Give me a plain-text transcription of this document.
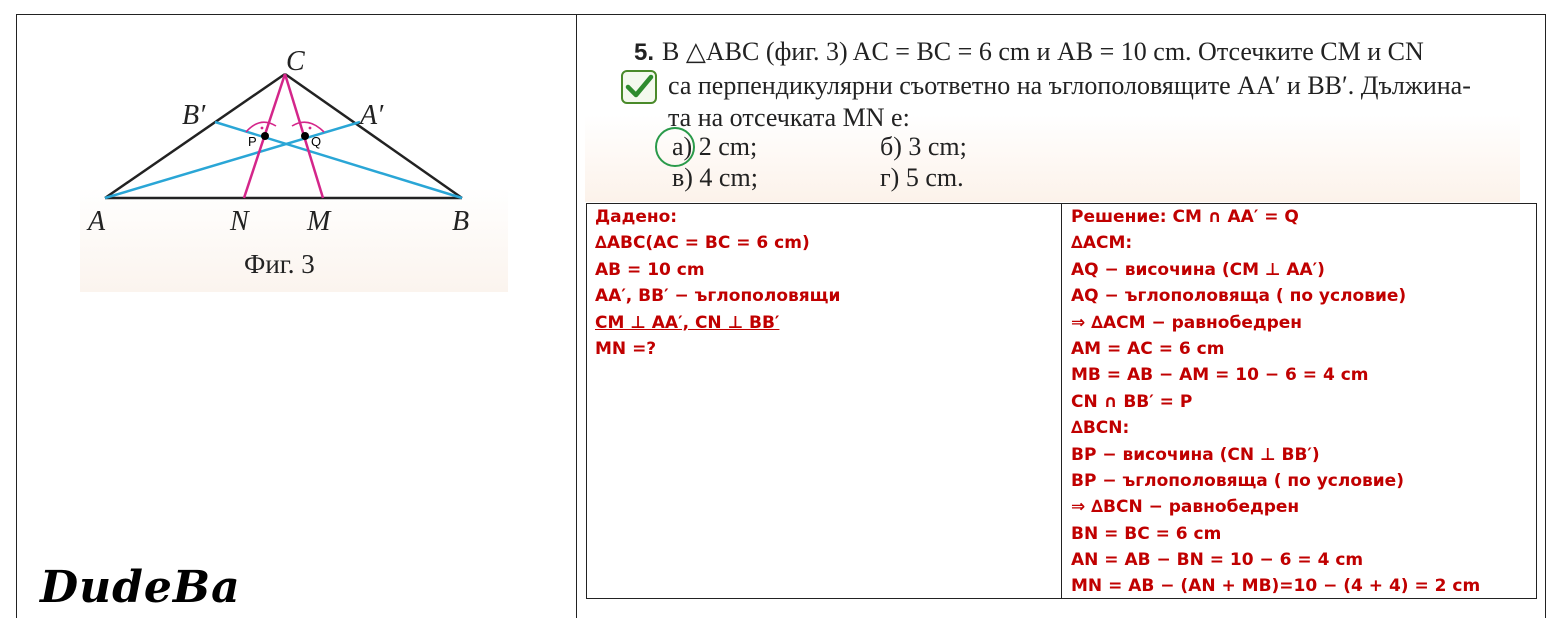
C
B′	A′
P	Q
A	N M	B
Фиг. 3
DudeBa
5. В △ABC (фиг. 3) AC = BC = 6 cm и AB = 10 cm. Отсечките CM и CN
са перпендикулярни съответно на ъглополовящите AA′ и BB′. Дължина-
та на отсечката MN е:
а) 2 cm;	б) 3 cm;
в) 4 cm;	г) 5 cm.
Дадено:
∆ABC(AC = BC = 6 cm)
AB = 10 cm
AA′, BB′ − ъглополовящи
CM ⊥ AA′, CN ⊥ BB′
MN =?
Решение: CM ∩ AA′ = Q
∆ACM:
AQ − височина (CM ⊥ AA′)
AQ − ъглополовяща ( по условие)
⇒ ∆ACM − равнобедрен
AM = AC = 6 cm
MB = AB − AM = 10 − 6 = 4 cm
CN ∩ BB′ = P
∆BCN:
BP − височина (CN ⊥ BB′)
BP − ъглополовяща ( по условие)
⇒ ∆BCN − равнобедрен
BN = BC = 6 cm
AN = AB − BN = 10 − 6 = 4 cm
MN = AB − (AN + MB)=10 − (4 + 4) = 2 cm
